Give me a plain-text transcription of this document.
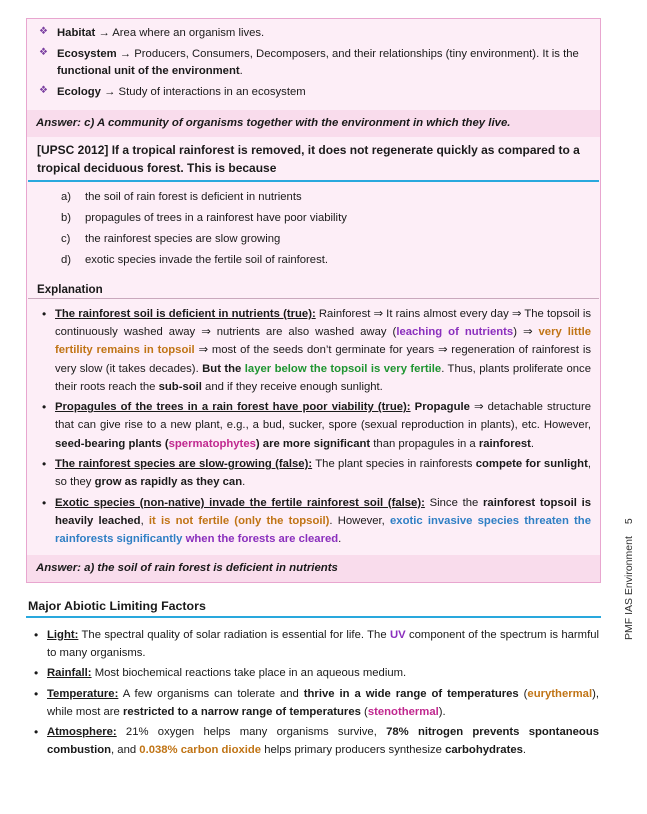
❖ Habitat → Area where an organism lives.
❖ Ecosystem → Producers, Consumers, Decomposers, and their relationships (tiny environment). It is the functional unit of the environment.
❖ Ecology → Study of interactions in an ecosystem
Answer: c) A community of organisms together with the environment in which they live.
[UPSC 2012] If a tropical rainforest is removed, it does not regenerate quickly as compared to a tropical deciduous forest. This is because
a) the soil of rain forest is deficient in nutrients
b) propagules of trees in a rainforest have poor viability
c) the rainforest species are slow growing
d) exotic species invade the fertile soil of rainforest.
Explanation
• The rainforest soil is deficient in nutrients (true): Rainforest ⇒ It rains almost every day ⇒ The topsoil is continuously washed away ⇒ nutrients are also washed away (leaching of nutrients) ⇒ very little fertility remains in topsoil ⇒ most of the seeds don’t germinate for years ⇒ regeneration of rainforest is very slow (it takes decades). But the layer below the topsoil is very fertile. Thus, plants proliferate once their roots reach the sub-soil and if they receive enough sunlight.
• Propagules of the trees in a rain forest have poor viability (true): Propagule ⇒ detachable structure that can give rise to a new plant, e.g., a bud, sucker, spore (sexual reproduction in plants), etc. However, seed-bearing plants (spermatophytes) are more significant than propagules in a rainforest.
• The rainforest species are slow-growing (false): The plant species in rainforests compete for sunlight, so they grow as rapidly as they can.
• Exotic species (non-native) invade the fertile rainforest soil (false): Since the rainforest topsoil is heavily leached, it is not fertile (only the topsoil). However, exotic invasive species threaten the rainforests significantly when the forests are cleared.
Answer: a) the soil of rain forest is deficient in nutrients
Major Abiotic Limiting Factors
• Light: The spectral quality of solar radiation is essential for life. The UV component of the spectrum is harmful to many organisms.
• Rainfall: Most biochemical reactions take place in an aqueous medium.
• Temperature: A few organisms can tolerate and thrive in a wide range of temperatures (eurythermal), while most are restricted to a narrow range of temperatures (stenothermal).
• Atmosphere: 21% oxygen helps many organisms survive, 78% nitrogen prevents spontaneous combustion, and 0.038% carbon dioxide helps primary producers synthesize carbohydrates.
PMF IAS Environment5
